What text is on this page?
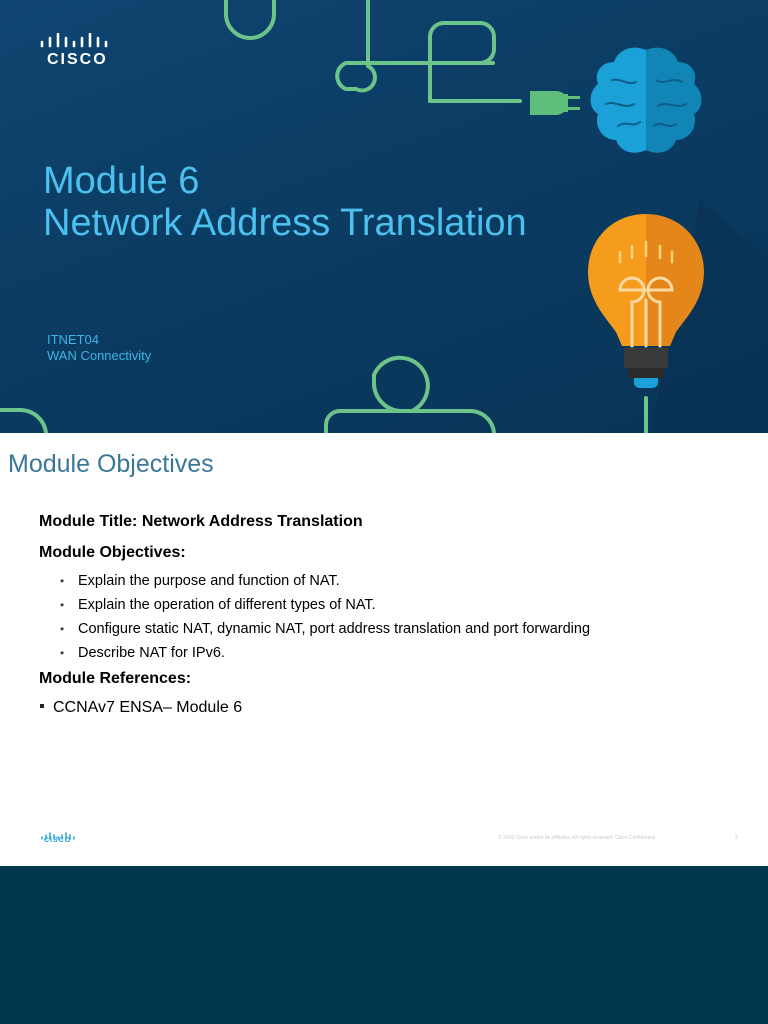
CISCO
Module 6
Network Address Translation
ITNET04
WAN Connectivity
Module Objectives
Module Title: Network Address Translation
Module Objectives:
• Explain the purpose and function of NAT.
• Explain the operation of different types of NAT.
• Configure static NAT, dynamic NAT, port address translation and port forwarding
• Describe NAT for IPv6.
Module References:
CCNAv7 ENSA– Module 6
CISCO	© 2016 Cisco and/or its affiliates. All rights reserved. Cisco Confidential	2
